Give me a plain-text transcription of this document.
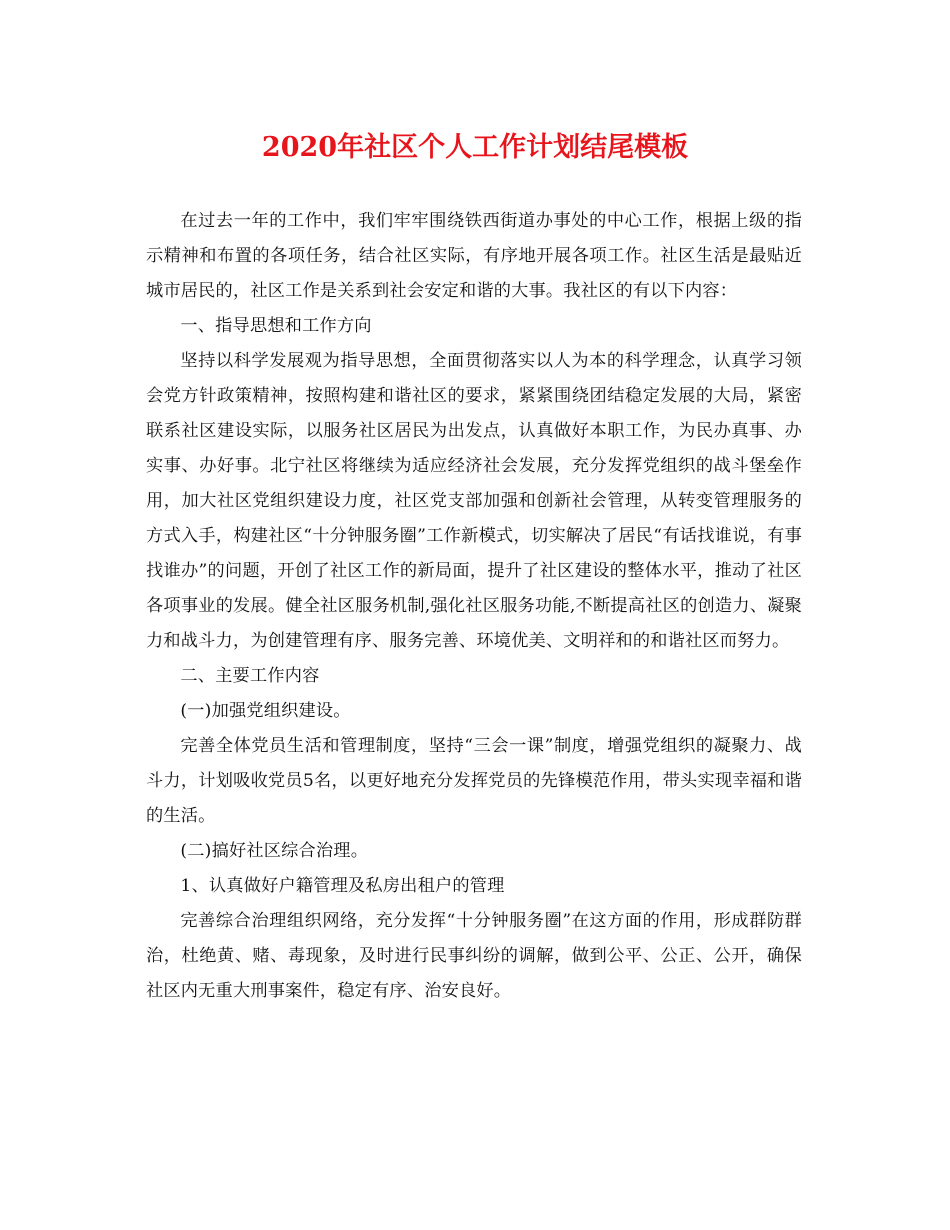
2020年社区个人工作计划结尾模板

在过去一年的工作中，我们牢牢围绕铁西街道办事处的中心工作，根据上级的指示精神和布置的各项任务，结合社区实际，有序地开展各项工作。社区生活是最贴近城市居民的，社区工作是关系到社会安定和谐的大事。我社区的有以下内容：

一、指导思想和工作方向

坚持以科学发展观为指导思想，全面贯彻落实以人为本的科学理念，认真学习领会党方针政策精神，按照构建和谐社区的要求，紧紧围绕团结稳定发展的大局，紧密联系社区建设实际，以服务社区居民为出发点，认真做好本职工作，为民办真事、办实事、办好事。北宁社区将继续为适应经济社会发展，充分发挥党组织的战斗堡垒作用，加大社区党组织建设力度，社区党支部加强和创新社会管理，从转变管理服务的方式入手，构建社区“十分钟服务圈”工作新模式，切实解决了居民“有话找谁说，有事找谁办”的问题，开创了社区工作的新局面，提升了社区建设的整体水平，推动了社区各项事业的发展。健全社区服务机制,强化社区服务功能,不断提高社区的创造力、凝聚力和战斗力，为创建管理有序、服务完善、环境优美、文明祥和的和谐社区而努力。

二、主要工作内容

(一)加强党组织建设。

完善全体党员生活和管理制度，坚持“三会一课”制度，增强党组织的凝聚力、战斗力，计划吸收党员5名，以更好地充分发挥党员的先锋模范作用，带头实现幸福和谐的生活。

(二)搞好社区综合治理。

1、认真做好户籍管理及私房出租户的管理

完善综合治理组织网络，充分发挥“十分钟服务圈”在这方面的作用，形成群防群治，杜绝黄、赌、毒现象，及时进行民事纠纷的调解，做到公平、公正、公开，确保社区内无重大刑事案件，稳定有序、治安良好。
